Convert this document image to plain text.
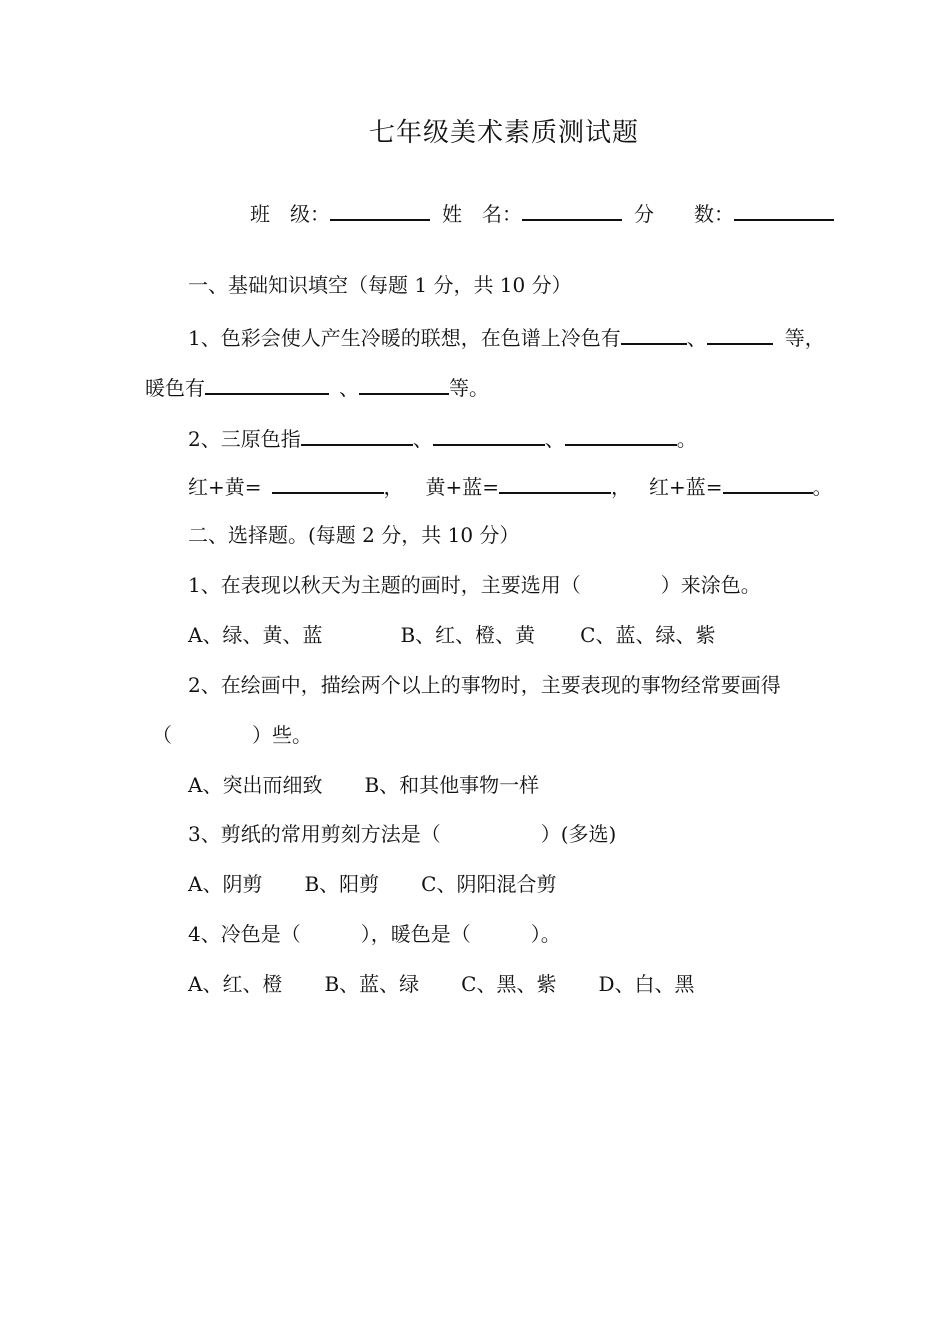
七年级美术素质测试题
班　级：	姓　名：	分　　数：
一、基础知识填空（每题 1 分，共 10 分）
1、色彩会使人产生冷暖的联想，在色谱上冷色有	、	等，
暖色有	、	等。
2、三原色指	、	、	。
红+黄=	， 黄+蓝=	， 红+蓝=	。
二、选择题。(每题 2 分，共 10 分）
1、在表现以秋天为主题的画时，主要选用（　　　　）来涂色。
A、绿、黄、蓝	B、红、橙、黄 C、蓝、绿、紫
2、在绘画中，描绘两个以上的事物时，主要表现的事物经常要画得
（　　　　）些。
A、突出而细致 B、和其他事物一样
3、剪纸的常用剪刻方法是（　　　　　）(多选)
A、阴剪 B、阳剪 C、阴阳混合剪
4、冷色是（　　　），暖色是（　　　）。
A、红、橙 B、蓝、绿 C、黑、紫 D、白、黑
